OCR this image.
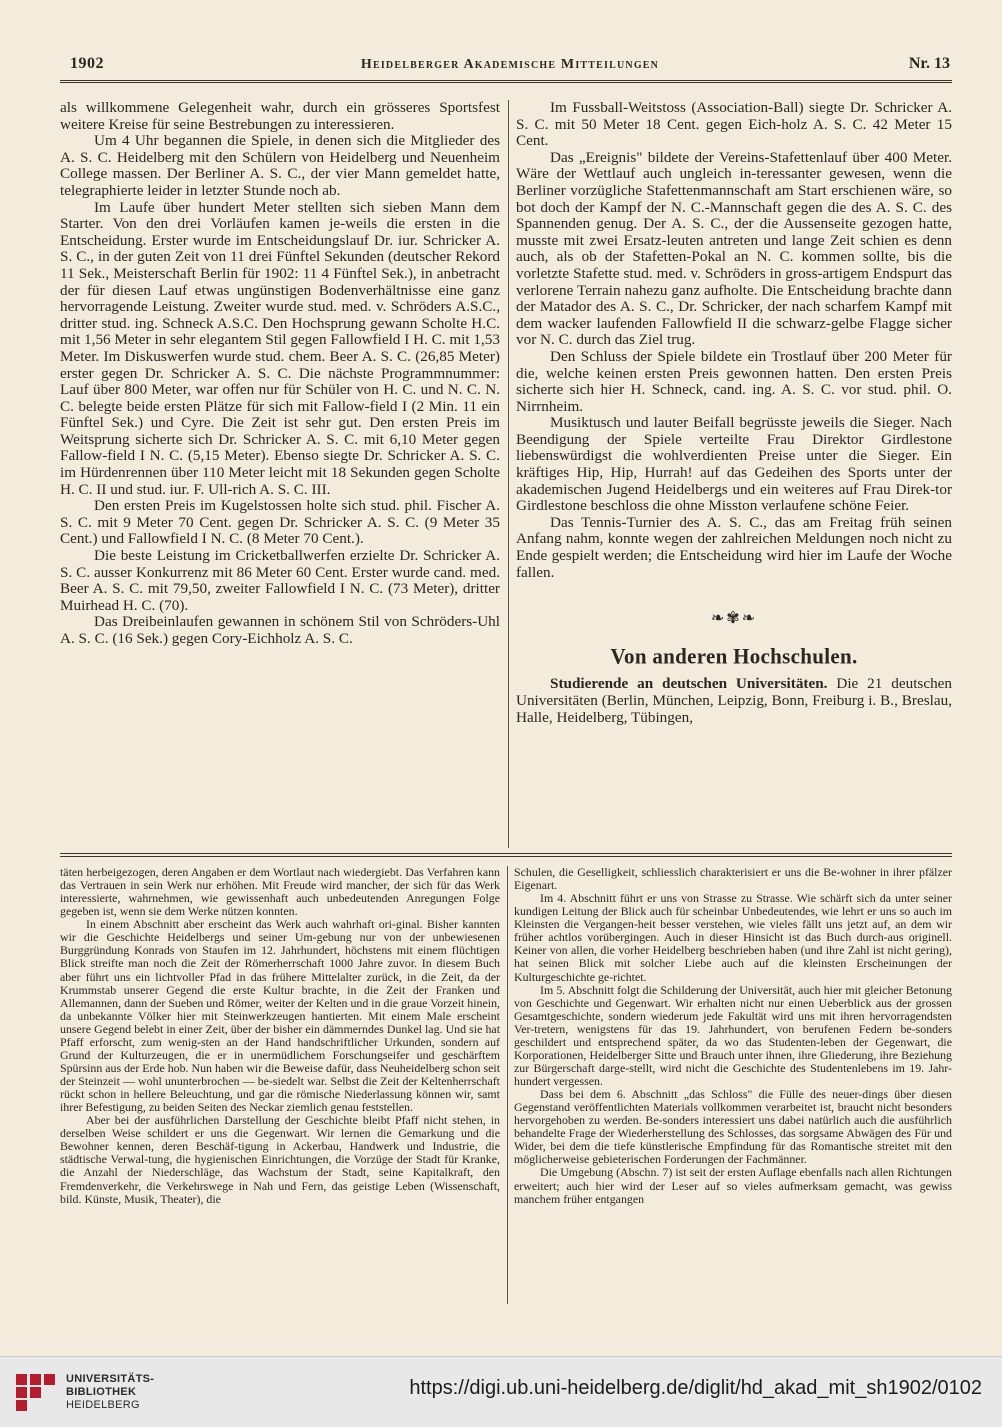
1902	Heidelberger Akademische Mitteilungen	Nr. 13

als willkommene Gelegenheit wahr, durch ein grösseres Sportsfest weitere Kreise für seine Bestrebungen zu interessieren.

Um 4 Uhr begannen die Spiele, in denen sich die Mitglieder des A. S. C. Heidelberg mit den Schülern von Heidelberg und Neuenheim College massen. Der Berliner A. S. C., der vier Mann gemeldet hatte, telegraphierte leider in letzter Stunde noch ab.

Im Laufe über hundert Meter stellten sich sieben Mann dem Starter. Von den drei Vorläufen kamen je-weils die ersten in die Entscheidung. Erster wurde im Entscheidungslauf Dr. iur. Schricker A. S. C., in der guten Zeit von 11 drei Fünftel Sekunden (deutscher Rekord 11 Sek., Meisterschaft Berlin für 1902: 11 4 Fünftel Sek.), in anbetracht der für diesen Lauf etwas ungünstigen Bodenverhältnisse eine ganz hervorragende Leistung. Zweiter wurde stud. med. v. Schröders A.S.C., dritter stud. ing. Schneck A.S.C. Den Hochsprung gewann Scholte H.C. mit 1,56 Meter in sehr elegantem Stil gegen Fallowfield I H. C. mit 1,53 Meter. Im Diskuswerfen wurde stud. chem. Beer A. S. C. (26,85 Meter) erster gegen Dr. Schricker A. S. C. Die nächste Programmnummer: Lauf über 800 Meter, war offen nur für Schüler von H. C. und N. C. N. C. belegte beide ersten Plätze für sich mit Fallow-field I (2 Min. 11 ein Fünftel Sek.) und Cyre. Die Zeit ist sehr gut. Den ersten Preis im Weitsprung sicherte sich Dr. Schricker A. S. C. mit 6,10 Meter gegen Fallow-field I N. C. (5,15 Meter). Ebenso siegte Dr. Schricker A. S. C. im Hürdenrennen über 110 Meter leicht mit 18 Sekunden gegen Scholte H. C. II und stud. iur. F. Ull-rich A. S. C. III.

Den ersten Preis im Kugelstossen holte sich stud. phil. Fischer A. S. C. mit 9 Meter 70 Cent. gegen Dr. Schricker A. S. C. (9 Meter 35 Cent.) und Fallowfield I N. C. (8 Meter 70 Cent.).

Die beste Leistung im Cricketballwerfen erzielte Dr. Schricker A. S. C. ausser Konkurrenz mit 86 Meter 60 Cent. Erster wurde cand. med. Beer A. S. C. mit 79,50, zweiter Fallowfield I N. C. (73 Meter), dritter Muirhead H. C. (70).

Das Dreibeinlaufen gewannen in schönem Stil von Schröders-Uhl A. S. C. (16 Sek.) gegen Cory-Eichholz A. S. C.

Im Fussball-Weitstoss (Association-Ball) siegte Dr. Schricker A. S. C. mit 50 Meter 18 Cent. gegen Eich-holz A. S. C. 42 Meter 15 Cent.

Das „Ereignis" bildete der Vereins-Stafettenlauf über 400 Meter. Wäre der Wettlauf auch ungleich in-teressanter gewesen, wenn die Berliner vorzügliche Stafettenmannschaft am Start erschienen wäre, so bot doch der Kampf der N. C.-Mannschaft gegen die des A. S. C. des Spannenden genug. Der A. S. C., der die Aussenseite gezogen hatte, musste mit zwei Ersatz-leuten antreten und lange Zeit schien es denn auch, als ob der Stafetten-Pokal an N. C. kommen sollte, bis die vorletzte Stafette stud. med. v. Schröders in gross-artigem Endspurt das verlorene Terrain nahezu ganz aufholte. Die Entscheidung brachte dann der Matador des A. S. C., Dr. Schricker, der nach scharfem Kampf mit dem wacker laufenden Fallowfield II die schwarz-gelbe Flagge sicher vor N. C. durch das Ziel trug.

Den Schluss der Spiele bildete ein Trostlauf über 200 Meter für die, welche keinen ersten Preis gewonnen hatten. Den ersten Preis sicherte sich hier H. Schneck, cand. ing. A. S. C. vor stud. phil. O. Nirrnheim.

Musiktusch und lauter Beifall begrüsste jeweils die Sieger. Nach Beendigung der Spiele verteilte Frau Direktor Girdlestone liebenswürdigst die wohlverdienten Preise unter die Sieger. Ein kräftiges Hip, Hip, Hurrah! auf das Gedeihen des Sports unter der akademischen Jugend Heidelbergs und ein weiteres auf Frau Direk-tor Girdlestone beschloss die ohne Misston verlaufene schöne Feier.

Das Tennis-Turnier des A. S. C., das am Freitag früh seinen Anfang nahm, konnte wegen der zahlreichen Meldungen noch nicht zu Ende gespielt werden; die Entscheidung wird hier im Laufe der Woche fallen.

❧✾❧
Von anderen Hochschulen.

Studierende an deutschen Universitäten. Die 21 deutschen Universitäten (Berlin, München, Leipzig, Bonn, Freiburg i. B., Breslau, Halle, Heidelberg, Tübingen,

täten herbeigezogen, deren Angaben er dem Wortlaut nach wiedergiebt. Das Verfahren kann das Vertrauen in sein Werk nur erhöhen. Mit Freude wird mancher, der sich für das Werk interessierte, wahrnehmen, wie gewissenhaft auch unbedeutenden Anregungen Folge gegeben ist, wenn sie dem Werke nützen konnten.

In einem Abschnitt aber erscheint das Werk auch wahrhaft ori-ginal. Bisher kannten wir die Geschichte Heidelbergs und seiner Um-gebung nur von der unbewiesenen Burggründung Konrads von Staufen im 12. Jahrhundert, höchstens mit einem flüchtigen Blick streifte man noch die Zeit der Römerherrschaft 1000 Jahre zuvor. In diesem Buch aber führt uns ein lichtvoller Pfad in das frühere Mittelalter zurück, in die Zeit, da der Krummstab unserer Gegend die erste Kultur brachte, in die Zeit der Franken und Allemannen, dann der Sueben und Römer, weiter der Kelten und in die graue Vorzeit hinein, da unbekannte Völker hier mit Steinwerkzeugen hantierten. Mit einem Male erscheint unsere Gegend belebt in einer Zeit, über der bisher ein dämmerndes Dunkel lag. Und sie hat Pfaff erforscht, zum wenig-sten an der Hand handschriftlicher Urkunden, sondern auf Grund der Kulturzeugen, die er in unermüdlichem Forschungseifer und geschärftem Spürsinn aus der Erde hob. Nun haben wir die Beweise dafür, dass Neuheidelberg schon seit der Steinzeit — wohl ununterbrochen — be-siedelt war. Selbst die Zeit der Keltenherrschaft rückt schon in hellere Beleuchtung, und gar die römische Niederlassung können wir, samt ihrer Befestigung, zu beiden Seiten des Neckar ziemlich genau feststellen.

Aber bei der ausführlichen Darstellung der Geschichte bleibt Pfaff nicht stehen, in derselben Weise schildert er uns die Gegenwart. Wir lernen die Gemarkung und die Bewohner kennen, deren Beschäf-tigung in Ackerbau, Handwerk und Industrie, die städtische Verwal-tung, die hygienischen Einrichtungen, die Vorzüge der Stadt für Kranke, die Anzahl der Niederschläge, das Wachstum der Stadt, seine Kapitalkraft, den Fremdenverkehr, die Verkehrswege in Nah und Fern, das geistige Leben (Wissenschaft, bild. Künste, Musik, Theater), die

Schulen, die Geselligkeit, schliesslich charakterisiert er uns die Be-wohner in ihrer pfälzer Eigenart.

Im 4. Abschnitt führt er uns von Strasse zu Strasse. Wie schärft sich da unter seiner kundigen Leitung der Blick auch für scheinbar Unbedeutendes, wie lehrt er uns so auch im Kleinsten die Vergangen-heit besser verstehen, wie vieles fällt uns jetzt auf, an dem wir früher achtlos vorübergingen. Auch in dieser Hinsicht ist das Buch durch-aus originell. Keiner von allen, die vorher Heidelberg beschrieben haben (und ihre Zahl ist nicht gering), hat seinen Blick mit solcher Liebe auch auf die kleinsten Erscheinungen der Kulturgeschichte ge-richtet.

Im 5. Abschnitt folgt die Schilderung der Universität, auch hier mit gleicher Betonung von Geschichte und Gegenwart. Wir erhalten nicht nur einen Ueberblick aus der grossen Gesamtgeschichte, sondern wiederum jede Fakultät wird uns mit ihren hervorragendsten Ver-tretern, wenigstens für das 19. Jahrhundert, von berufenen Federn be-sonders geschildert und entsprechend später, da wo das Studenten-leben der Gegenwart, die Korporationen, Heidelberger Sitte und Brauch unter ihnen, ihre Gliederung, ihre Beziehung zur Bürgerschaft darge-stellt, wird nicht die Geschichte des Studentenlebens im 19. Jahr-hundert vergessen.

Dass bei dem 6. Abschnitt „das Schloss" die Fülle des neuer-dings über diesen Gegenstand veröffentlichten Materials vollkommen verarbeitet ist, braucht nicht besonders hervorgehoben zu werden. Be-sonders interessiert uns dabei natürlich auch die ausführlich behandelte Frage der Wiederherstellung des Schlosses, das sorgsame Abwägen des Für und Wider, bei dem die tiefe künstlerische Empfindung für das Romantische streitet mit den möglicherweise gebieterischen Forderungen der Fachmänner.

Die Umgebung (Abschn. 7) ist seit der ersten Auflage ebenfalls nach allen Richtungen erweitert; auch hier wird der Leser auf so vieles aufmerksam gemacht, was gewiss manchem früher entgangen

UNIVERSITÄTS-
BIBLIOTHEK
HEIDELBERG
https://digi.ub.uni-heidelberg.de/diglit/hd_akad_mit_sh1902/0102
